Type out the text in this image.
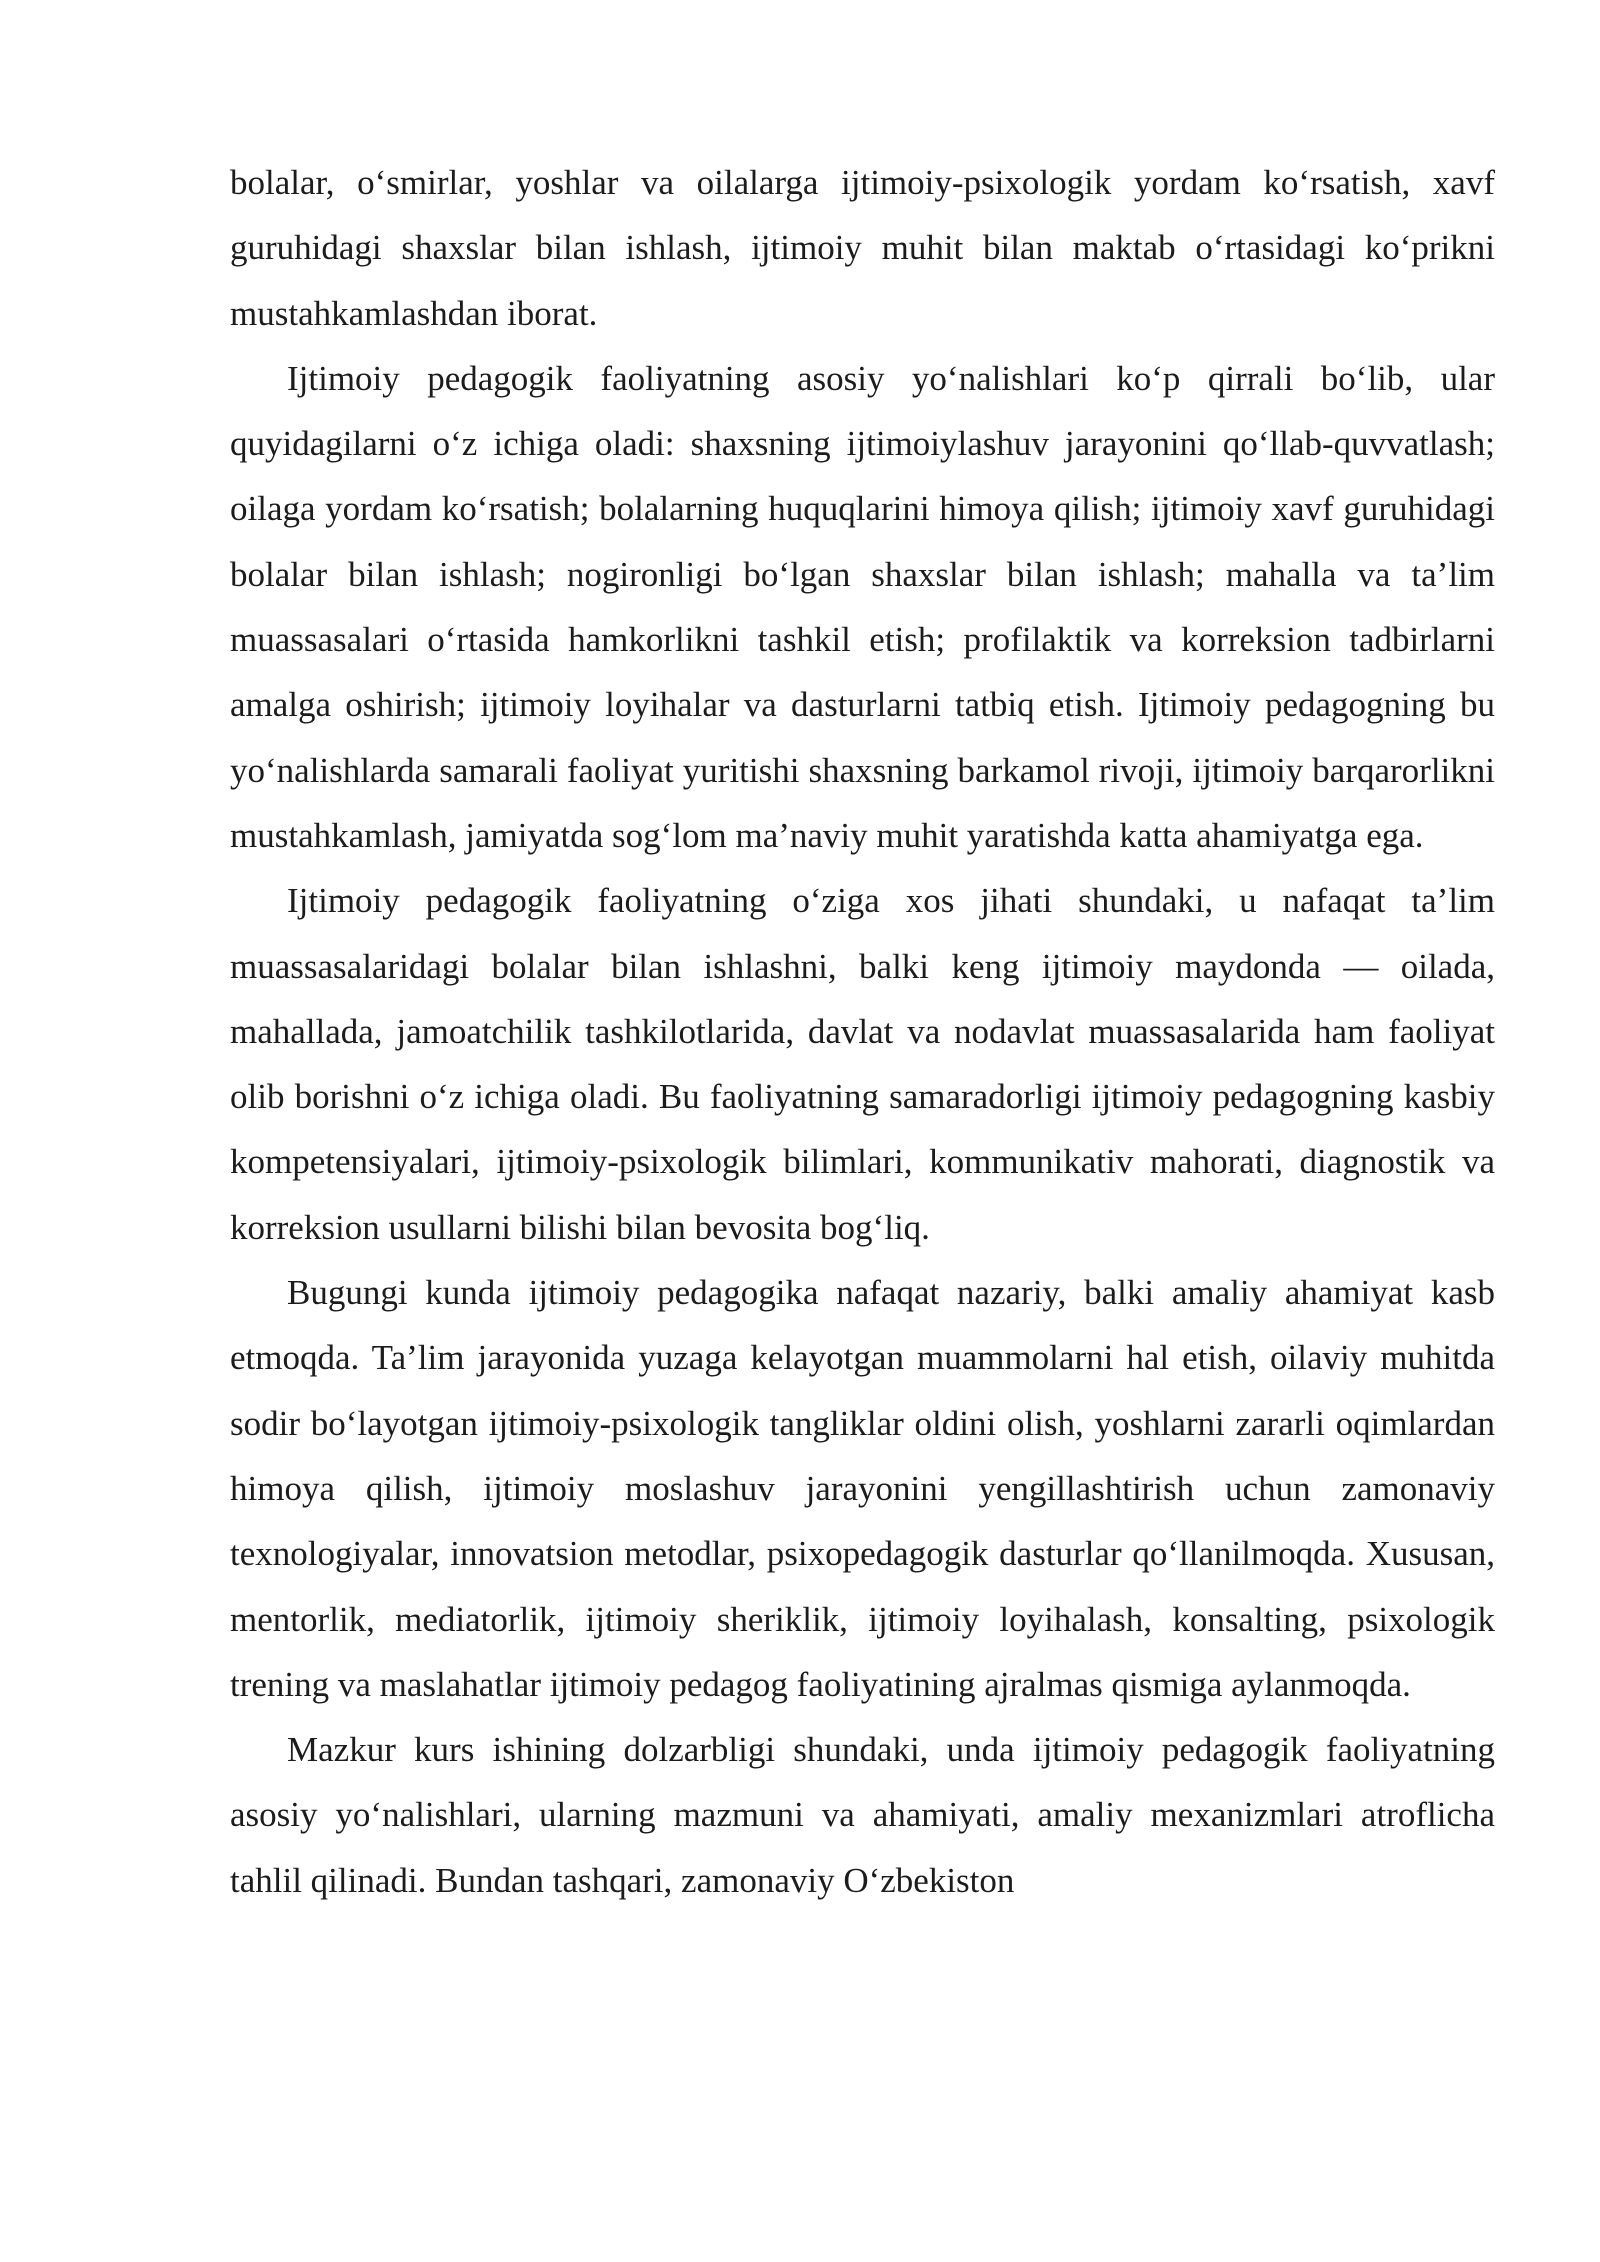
bolalar, o‘smirlar, yoshlar va oilalarga ijtimoiy-psixologik yordam ko‘rsatish, xavf guruhidagi shaxslar bilan ishlash, ijtimoiy muhit bilan maktab o‘rtasidagi ko‘prikni mustahkamlashdan iborat.

Ijtimoiy pedagogik faoliyatning asosiy yo‘nalishlari ko‘p qirrali bo‘lib, ular quyidagilarni o‘z ichiga oladi: shaxsning ijtimoiylashuv jarayonini qo‘llab-quvvatlash; oilaga yordam ko‘rsatish; bolalarning huquqlarini himoya qilish; ijtimoiy xavf guruhidagi bolalar bilan ishlash; nogironligi bo‘lgan shaxslar bilan ishlash; mahalla va ta’lim muassasalari o‘rtasida hamkorlikni tashkil etish; profilaktik va korreksion tadbirlarni amalga oshirish; ijtimoiy loyihalar va dasturlarni tatbiq etish. Ijtimoiy pedagogning bu yo‘nalishlarda samarali faoliyat yuritishi shaxsning barkamol rivoji, ijtimoiy barqarorlikni mustahkamlash, jamiyatda sog‘lom ma’naviy muhit yaratishda katta ahamiyatga ega.

Ijtimoiy pedagogik faoliyatning o‘ziga xos jihati shundaki, u nafaqat ta’lim muassasalaridagi bolalar bilan ishlashni, balki keng ijtimoiy maydonda — oilada, mahallada, jamoatchilik tashkilotlarida, davlat va nodavlat muassasalarida ham faoliyat olib borishni o‘z ichiga oladi. Bu faoliyatning samaradorligi ijtimoiy pedagogning kasbiy kompetensiyalari, ijtimoiy-psixologik bilimlari, kommunikativ mahorati, diagnostik va korreksion usullarni bilishi bilan bevosita bog‘liq.

Bugungi kunda ijtimoiy pedagogika nafaqat nazariy, balki amaliy ahamiyat kasb etmoqda. Ta’lim jarayonida yuzaga kelayotgan muammolarni hal etish, oilaviy muhitda sodir bo‘layotgan ijtimoiy-psixologik tangliklar oldini olish, yoshlarni zararli oqimlardan himoya qilish, ijtimoiy moslashuv jarayonini yengillashtirish uchun zamonaviy texnologiyalar, innovatsion metodlar, psixopedagogik dasturlar qo‘llanilmoqda. Xususan, mentorlik, mediatorlik, ijtimoiy sheriklik, ijtimoiy loyihalash, konsalting, psixologik trening va maslahatlar ijtimoiy pedagog faoliyatining ajralmas qismiga aylanmoqda.

Mazkur kurs ishining dolzarbligi shundaki, unda ijtimoiy pedagogik faoliyatning asosiy yo‘nalishlari, ularning mazmuni va ahamiyati, amaliy mexanizmlari atroflicha tahlil qilinadi. Bundan tashqari, zamonaviy O‘zbekiston
